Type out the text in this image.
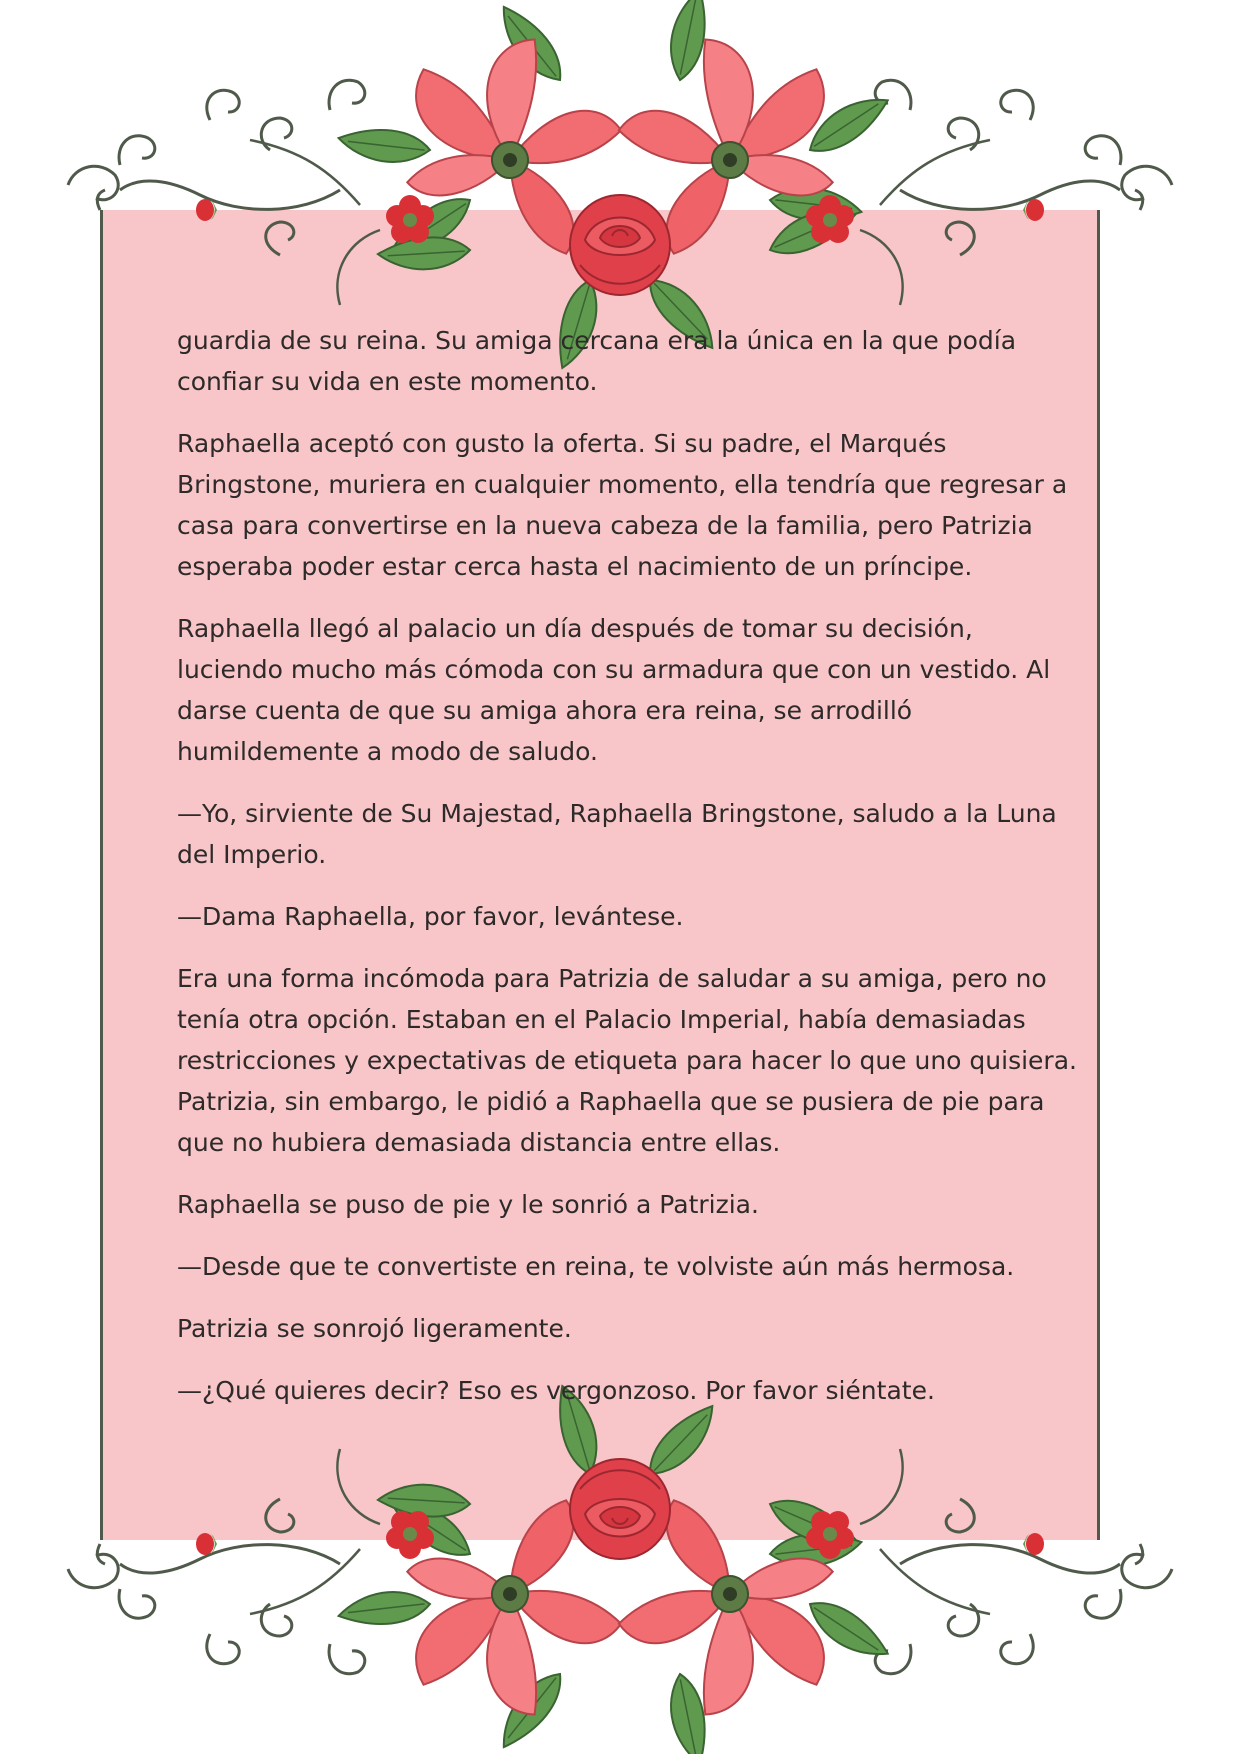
guardia de su reina. Su amiga cercana era la única en la que podía confiar su vida en este momento.

Raphaella aceptó con gusto la oferta. Si su padre, el Marqués Bringstone, muriera en cualquier momento, ella tendría que regresar a casa para convertirse en la nueva cabeza de la familia, pero Patrizia esperaba poder estar cerca hasta el nacimiento de un príncipe.

Raphaella llegó al palacio un día después de tomar su decisión, luciendo mucho más cómoda con su armadura que con un vestido. Al darse cuenta de que su amiga ahora era reina, se arrodilló humildemente a modo de saludo.

—Yo, sirviente de Su Majestad, Raphaella Bringstone, saludo a la Luna del Imperio.

—Dama Raphaella, por favor, levántese.

Era una forma incómoda para Patrizia de saludar a su amiga, pero no tenía otra opción. Estaban en el Palacio Imperial, había demasiadas restricciones y expectativas de etiqueta para hacer lo que uno quisiera. Patrizia, sin embargo, le pidió a Raphaella que se pusiera de pie para que no hubiera demasiada distancia entre ellas.

Raphaella se puso de pie y le sonrió a Patrizia.

—Desde que te convertiste en reina, te volviste aún más hermosa.

Patrizia se sonrojó ligeramente.

—¿Qué quieres decir? Eso es vergonzoso. Por favor siéntate.
